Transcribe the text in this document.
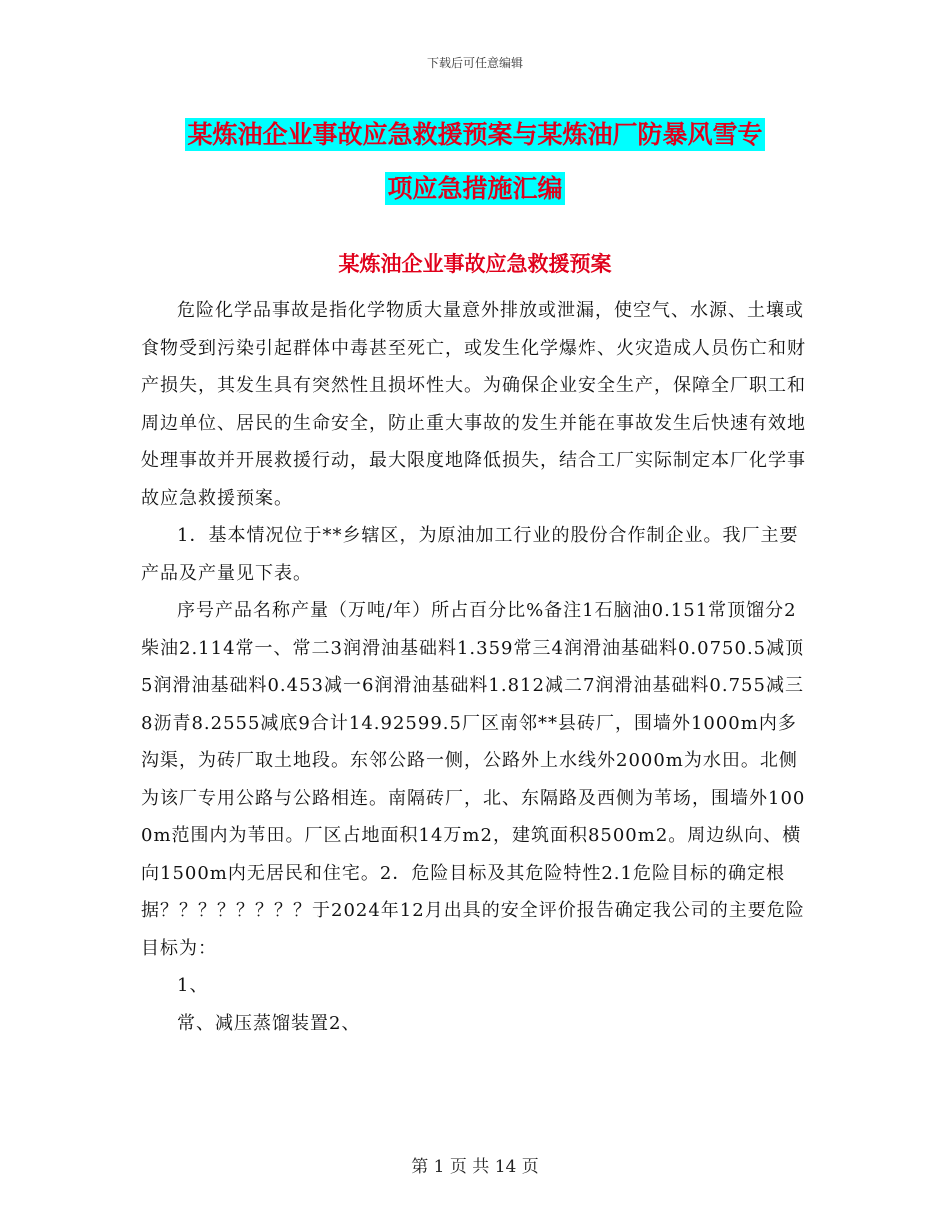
下载后可任意编辑
某炼油企业事故应急救援预案与某炼油厂防暴风雪专
项应急措施汇编
某炼油企业事故应急救援预案

危险化学品事故是指化学物质大量意外排放或泄漏，使空气、水源、土壤或食物受到污染引起群体中毒甚至死亡，或发生化学爆炸、火灾造成人员伤亡和财产损失，其发生具有突然性且损坏性大。为确保企业安全生产，保障全厂职工和周边单位、居民的生命安全，防止重大事故的发生并能在事故发生后快速有效地处理事故并开展救援行动，最大限度地降低损失，结合工厂实际制定本厂化学事故应急救援预案。

1．基本情况位于**乡辖区，为原油加工行业的股份合作制企业。我厂主要产品及产量见下表。

序号产品名称产量（万吨/年）所占百分比%备注1石脑油0.151常顶馏分2柴油2.114常一、常二3润滑油基础料1.359常三4润滑油基础料0.0750.5减顶5润滑油基础料0.453减一6润滑油基础料1.812减二7润滑油基础料0.755减三8沥青8.2555减底9合计14.92599.5厂区南邻**县砖厂，围墙外1000m内多沟渠，为砖厂取土地段。东邻公路一侧，公路外上水线外2000m为水田。北侧为该厂专用公路与公路相连。南隔砖厂，北、东隔路及西侧为苇场，围墙外1000m范围内为苇田。厂区占地面积14万m2，建筑面积8500m2。周边纵向、横向1500m内无居民和住宅。2．危险目标及其危险特性2.1危险目标的确定根据？？？？？？？？于2024年12月出具的安全评价报告确定我公司的主要危险目标为：

1、

常、减压蒸馏装置2、

第 1 页 共 14 页
